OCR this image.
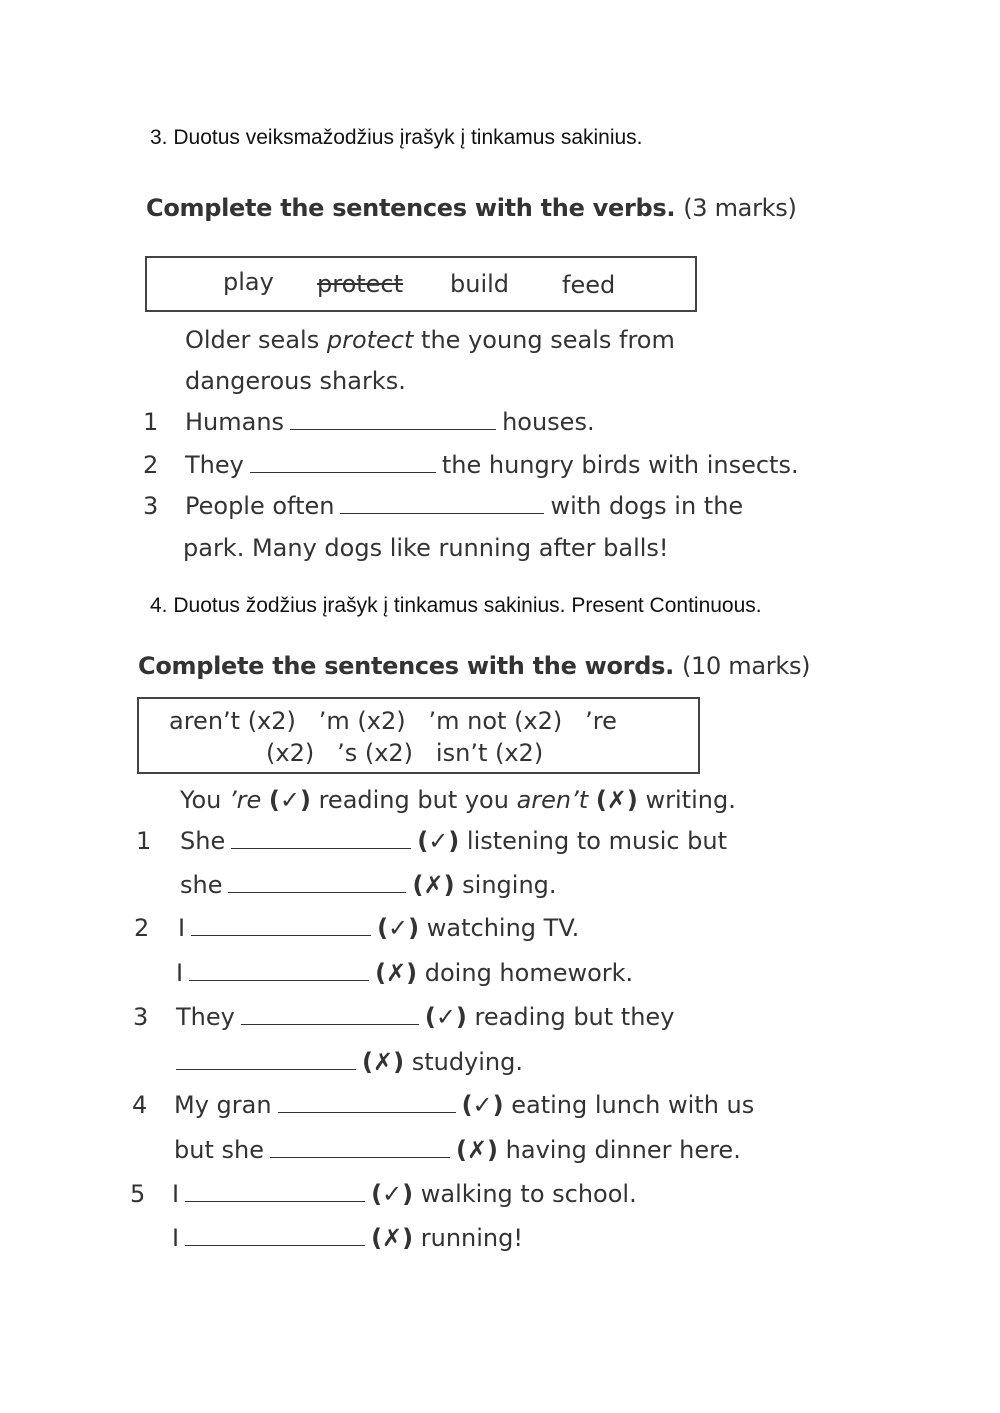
3. Duotus veiksmažodžius įrašyk į tinkamus sakinius.
Complete the sentences with the verbs. (3 marks)
play protect build feed
Older seals protect the young seals from
dangerous sharks.
1 Humans	houses.
2 They	the hungry birds with insects.
3 People often	with dogs in the
park. Many dogs like running after balls!
4. Duotus žodžius įrašyk į tinkamus sakinius. Present Continuous.
Complete the sentences with the words. (10 marks)
aren’t (x2)   ’m (x2)   ’m not (x2)   ’re
(x2)   ’s (x2)   isn’t (x2)
You ’re (✓) reading but you aren’t (✗) writing.
1 She	(✓) listening to music but
she	(✗) singing.
2 I	(✓) watching TV.
I	(✗) doing homework.
3 They	(✓) reading but they
(✗) studying.
4 My gran	(✓) eating lunch with us
but she	(✗) having dinner here.
5 I	(✓) walking to school.
I	(✗) running!
